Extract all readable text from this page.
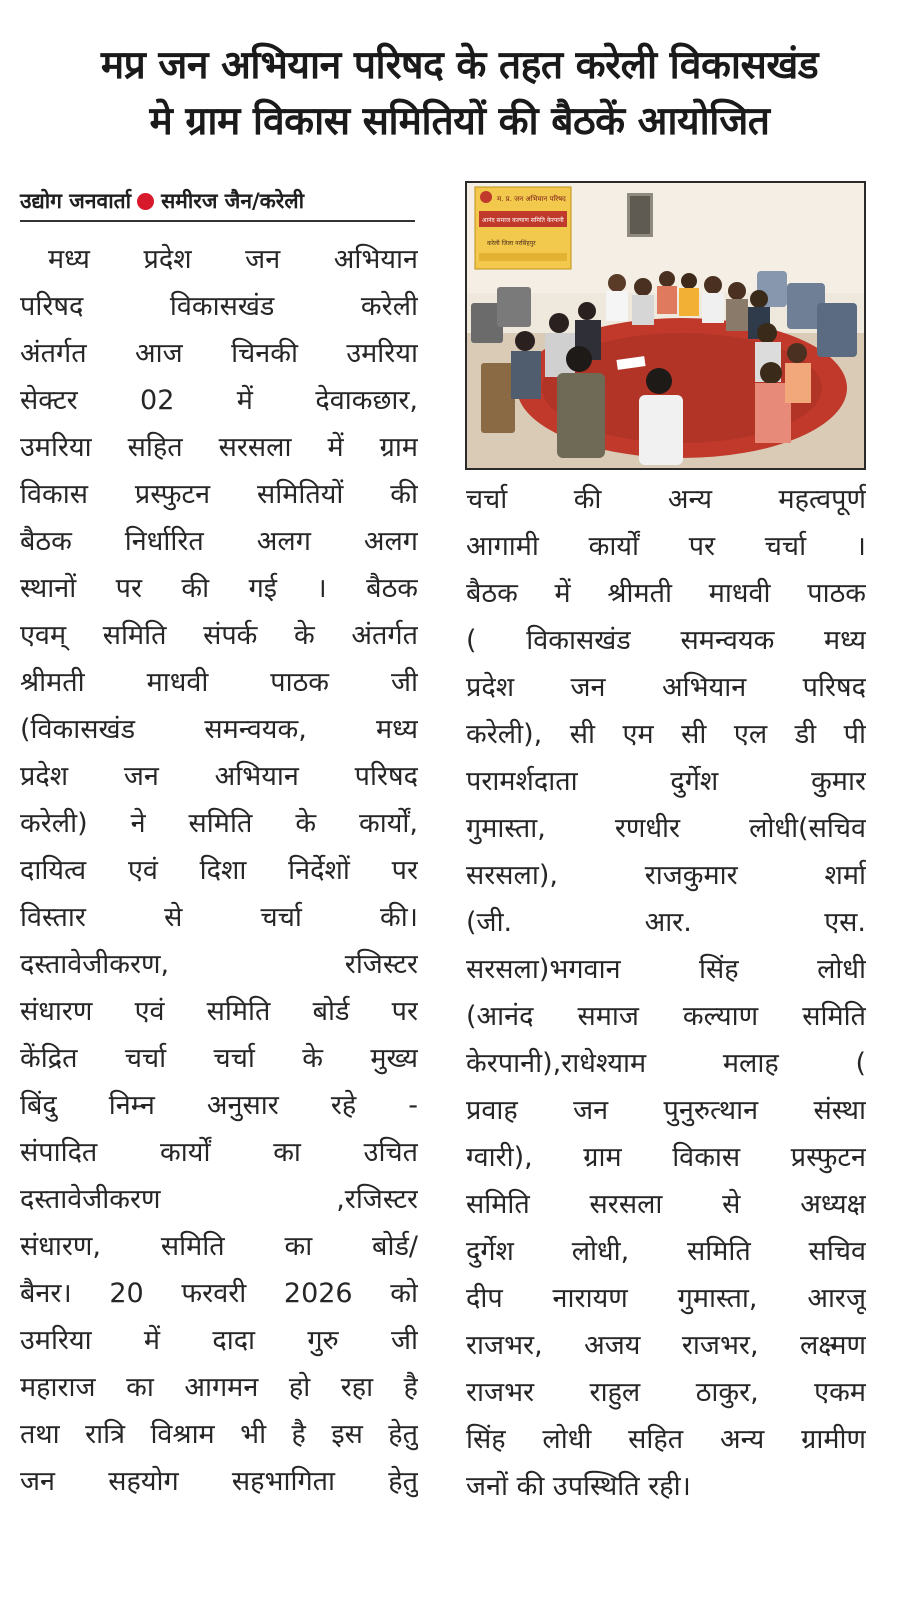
मप्र जन अभियान परिषद के तहत करेली विकासखंड
मे ग्राम विकास समितियों की बैठकें आयोजित
उद्योग जनवार्ता समीरज जैन/करेली	म. प्र. जन अभियान परिषद
आनंद समाज कल्याण समिति केरपानी
करेली जिला नरसिंहपुर
मध्य प्रदेश जन अभियान
परिषद विकासखंड करेली
अंतर्गत आज चिनकी उमरिया
सेक्टर 02 में देवाकछार,
उमरिया सहित सरसला में ग्राम
विकास प्रस्फुटन समितियों की
बैठक निर्धारित अलग अलग
स्थानों पर की गई । बैठक
एवम् समिति संपर्क के अंतर्गत
श्रीमती माधवी पाठक जी
(विकासखंड समन्वयक, मध्य
प्रदेश जन अभियान परिषद
करेली) ने समिति के कार्यों,
दायित्व एवं दिशा निर्देशों पर
विस्तार से चर्चा की।
दस्तावेजीकरण, रजिस्टर
संधारण एवं समिति बोर्ड पर
केंद्रित चर्चा चर्चा के मुख्य
बिंदु निम्न अनुसार रहे -
संपादित कार्यों का उचित
दस्तावेजीकरण ,रजिस्टर
संधारण, समिति का बोर्ड/
बैनर। 20 फरवरी 2026 को
उमरिया में दादा गुरु जी
महाराज का आगमन हो रहा है
तथा रात्रि विश्राम भी है इस हेतु
जन सहयोग सहभागिता हेतु
चर्चा की अन्य महत्वपूर्ण
आगामी कार्यों पर चर्चा ।
बैठक में श्रीमती माधवी पाठक
( विकासखंड समन्वयक मध्य
प्रदेश जन अभियान परिषद
करेली), सी एम सी एल डी पी
परामर्शदाता दुर्गेश कुमार
गुमास्ता, रणधीर लोधी(सचिव
सरसला), राजकुमार शर्मा
(जी. आर. एस.
सरसला)भगवान सिंह लोधी
(आनंद समाज कल्याण समिति
केरपानी),राधेश्याम मलाह (
प्रवाह जन पुनुरुत्थान संस्था
ग्वारी), ग्राम विकास प्रस्फुटन
समिति सरसला से अध्यक्ष
दुर्गेश लोधी, समिति सचिव
दीप नारायण गुमास्ता, आरजू
राजभर, अजय राजभर, लक्ष्मण
राजभर राहुल ठाकुर, एकम
सिंह लोधी सहित अन्य ग्रामीण
जनों की उपस्थिति रही।
